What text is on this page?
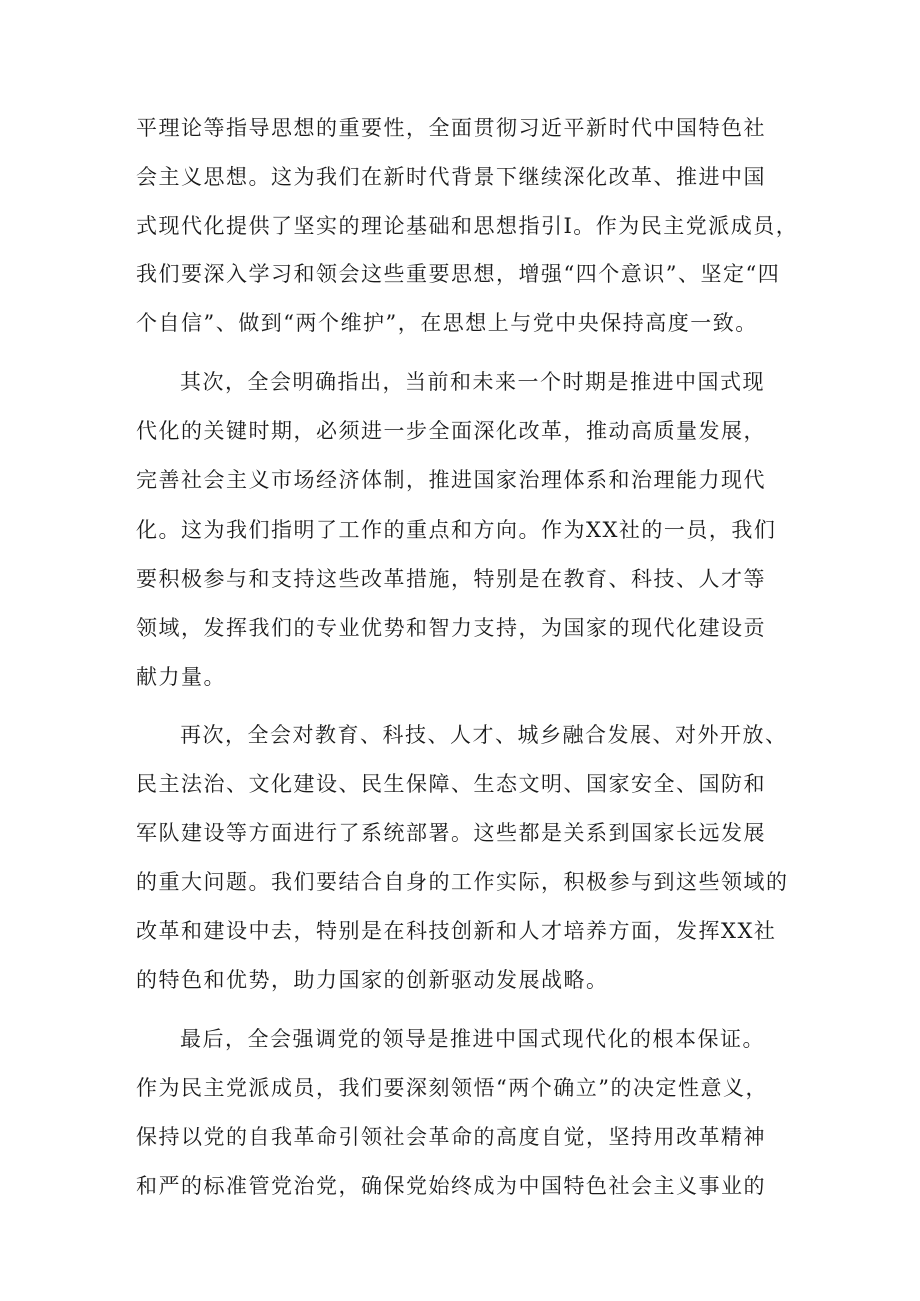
平理论等指导思想的重要性，全面贯彻习近平新时代中国特色社
会主义思想。这为我们在新时代背景下继续深化改革、推进中国
式现代化提供了坚实的理论基础和思想指引I。作为民主党派成员，
我们要深入学习和领会这些重要思想，增强“四个意识”、坚定“四
个自信”、做到“两个维护”，在思想上与党中央保持高度一致。
其次，全会明确指出，当前和未来一个时期是推进中国式现
代化的关键时期，必须进一步全面深化改革，推动高质量发展，
完善社会主义市场经济体制，推进国家治理体系和治理能力现代
化。这为我们指明了工作的重点和方向。作为XX社的一员，我们
要积极参与和支持这些改革措施，特别是在教育、科技、人才等
领域，发挥我们的专业优势和智力支持，为国家的现代化建设贡
献力量。
再次，全会对教育、科技、人才、城乡融合发展、对外开放、
民主法治、文化建设、民生保障、生态文明、国家安全、国防和
军队建设等方面进行了系统部署。这些都是关系到国家长远发展
的重大问题。我们要结合自身的工作实际，积极参与到这些领域的
改革和建设中去，特别是在科技创新和人才培养方面，发挥XX社
的特色和优势，助力国家的创新驱动发展战略。
最后，全会强调党的领导是推进中国式现代化的根本保证。
作为民主党派成员，我们要深刻领悟“两个确立”的决定性意义，
保持以党的自我革命引领社会革命的高度自觉，坚持用改革精神
和严的标准管党治党，确保党始终成为中国特色社会主义事业的
